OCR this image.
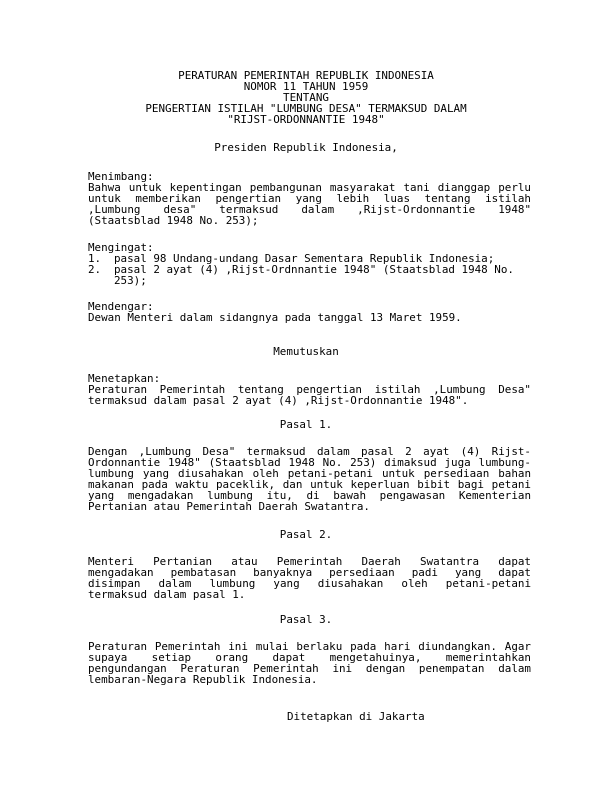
PERATURAN PEMERINTAH REPUBLIK INDONESIA
NOMOR 11 TAHUN 1959
TENTANG
PENGERTIAN ISTILAH "LUMBUNG DESA" TERMAKSUD DALAM
"RIJST-ORDONNANTIE 1948"
Presiden Republik Indonesia,
Menimbang:
Bahwa untuk kepentingan pembangunan masyarakat tani dianggap perlu
untuk memberikan pengertian yang lebih luas tentang istilah
,Lumbung desa" termaksud dalam ,Rijst-Ordonnantie 1948"
(Staatsblad 1948 No. 253);
Mengingat:
1. pasal 98 Undang-undang Dasar Sementara Republik Indonesia;
2. pasal 2 ayat (4) ,Rijst-Ordnnantie 1948" (Staatsblad 1948 No.
253);
Mendengar:
Dewan Menteri dalam sidangnya pada tanggal 13 Maret 1959.
Memutuskan
Menetapkan:
Peraturan Pemerintah tentang pengertian istilah ,Lumbung Desa"
termaksud dalam pasal 2 ayat (4) ,Rijst-Ordonnantie 1948".
Pasal 1.
Dengan ,Lumbung Desa" termaksud dalam pasal 2 ayat (4) Rijst-
Ordonnantie 1948" (Staatsblad 1948 No. 253) dimaksud juga lumbung-
lumbung yang diusahakan oleh petani-petani untuk persediaan bahan
makanan pada waktu paceklik, dan untuk keperluan bibit bagi petani
yang mengadakan lumbung itu, di bawah pengawasan Kementerian
Pertanian atau Pemerintah Daerah Swatantra.
Pasal 2.
Menteri Pertanian atau Pemerintah Daerah Swatantra dapat
mengadakan pembatasan banyaknya persediaan padi yang dapat
disimpan dalam lumbung yang diusahakan oleh petani-petani
termaksud dalam pasal 1.
Pasal 3.
Peraturan Pemerintah ini mulai berlaku pada hari diundangkan. Agar
supaya setiap orang dapat mengetahuinya, memerintahkan
pengundangan Peraturan Pemerintah ini dengan penempatan dalam
lembaran-Negara Republik Indonesia.
Ditetapkan di Jakarta
